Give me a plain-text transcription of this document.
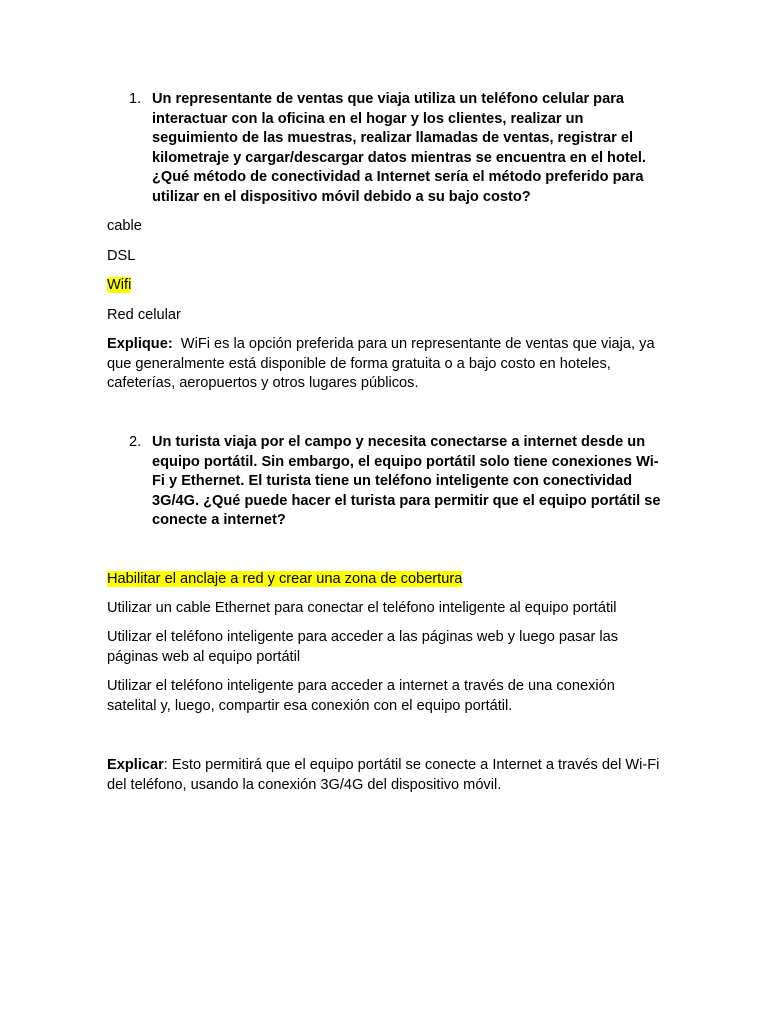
1. Un representante de ventas que viaja utiliza un teléfono celular para interactuar con la oficina en el hogar y los clientes, realizar un seguimiento de las muestras, realizar llamadas de ventas, registrar el kilometraje y cargar/descargar datos mientras se encuentra en el hotel. ¿Qué método de conectividad a Internet sería el método preferido para utilizar en el dispositivo móvil debido a su bajo costo?
cable
DSL
Wifi
Red celular
Explique: WiFi es la opción preferida para un representante de ventas que viaja, ya que generalmente está disponible de forma gratuita o a bajo costo en hoteles, cafeterías, aeropuertos y otros lugares públicos.
2. Un turista viaja por el campo y necesita conectarse a internet desde un equipo portátil. Sin embargo, el equipo portátil solo tiene conexiones Wi-Fi y Ethernet. El turista tiene un teléfono inteligente con conectividad 3G/4G. ¿Qué puede hacer el turista para permitir que el equipo portátil se conecte a internet?
Habilitar el anclaje a red y crear una zona de cobertura
Utilizar un cable Ethernet para conectar el teléfono inteligente al equipo portátil
Utilizar el teléfono inteligente para acceder a las páginas web y luego pasar las páginas web al equipo portátil
Utilizar el teléfono inteligente para acceder a internet a través de una conexión satelital y, luego, compartir esa conexión con el equipo portátil.
Explicar: Esto permitirá que el equipo portátil se conecte a Internet a través del Wi-Fi del teléfono, usando la conexión 3G/4G del dispositivo móvil.
